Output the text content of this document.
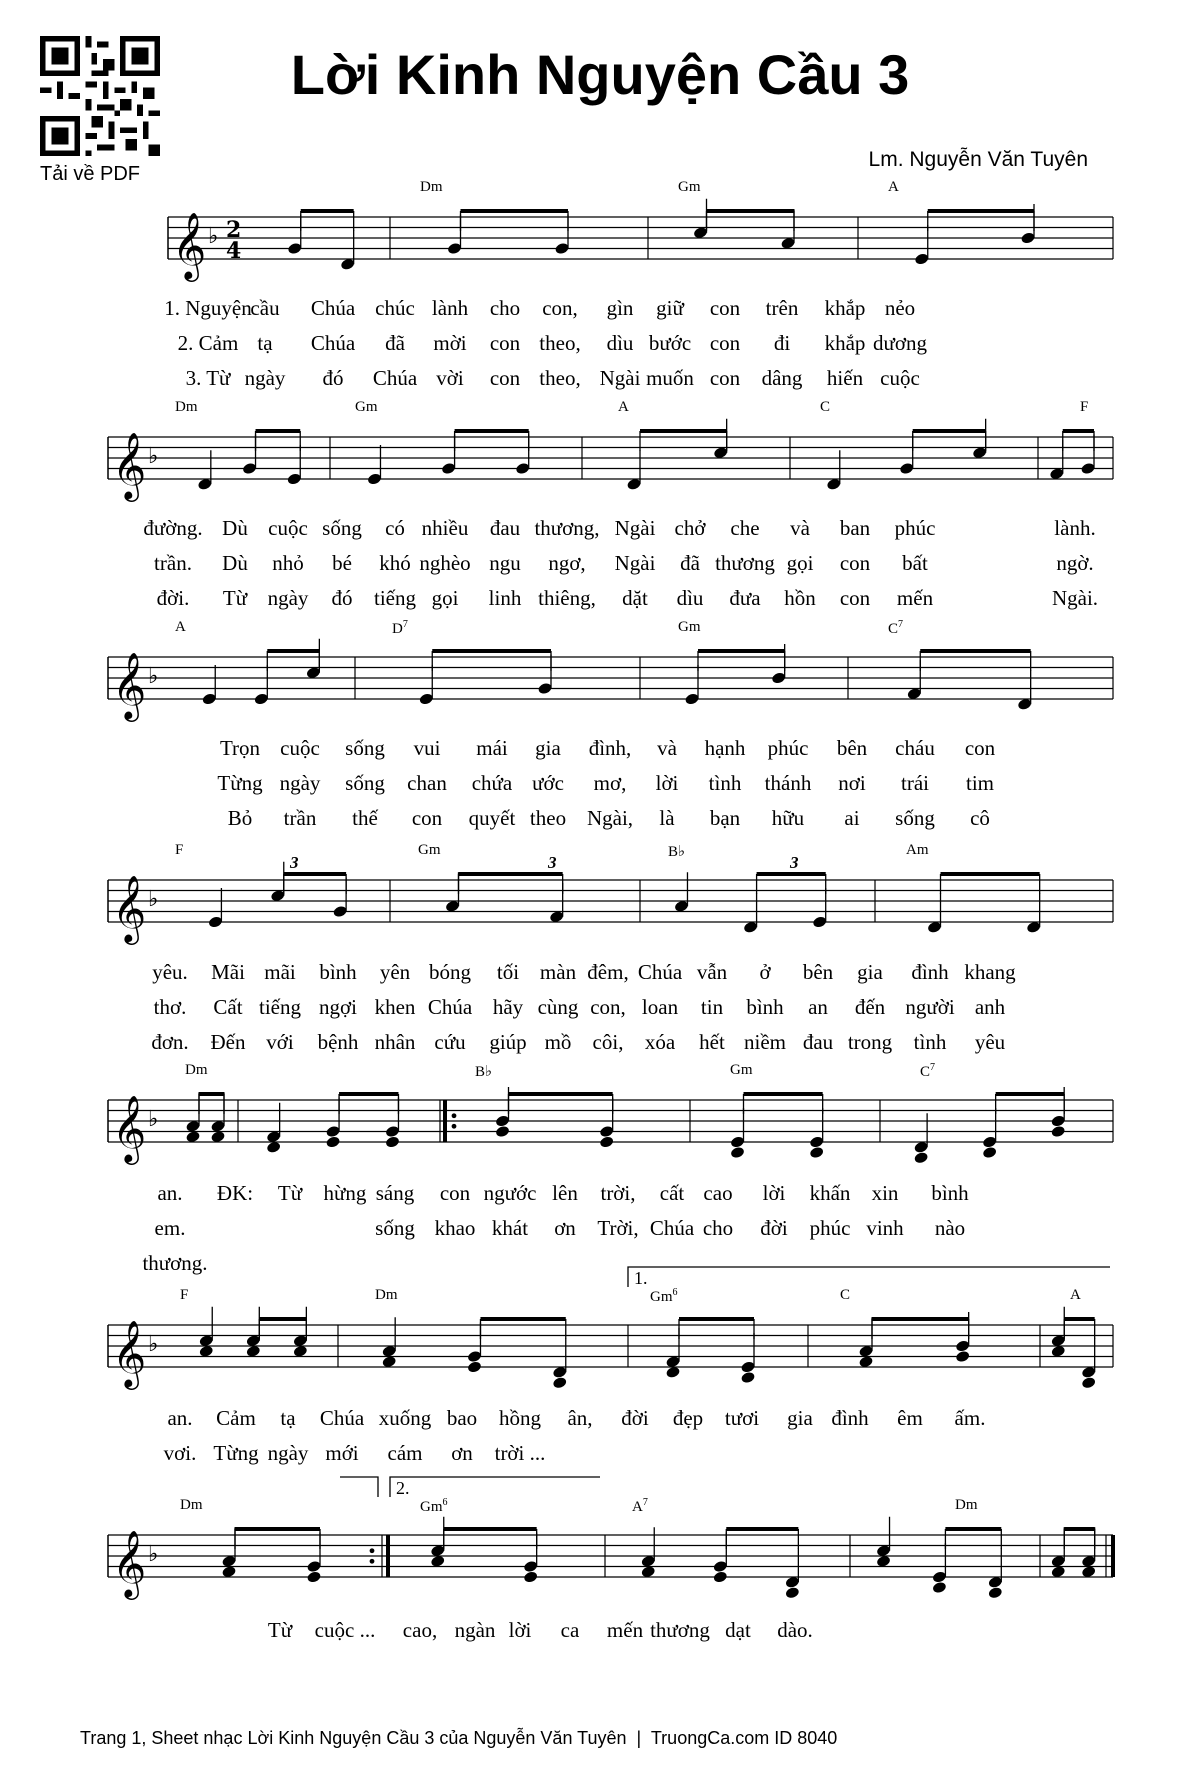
Lời Kinh Nguyện Cầu 3
Lm. Nguyễn Văn Tuyên
Tải về PDF
𝄞 ♭ 2
4
𝄞 ♭
𝄞 ♭
𝄞 ♭
3	3	3
𝄞 ♭
𝄞 ♭
1.
𝄞 ♭
2.
1. Nguyện
cầu Chúa chúc lành cho con, gìn giữ con trên khắp nẻo
2. Cảm tạ Chúa đã mời con theo, dìu bước con đi khắp dương
3. Từ ngày đó Chúa vời con theo, Ngài muốn con dâng hiến cuộc
đường. Dù cuộc sống có nhiều đau thương, Ngài chở che và ban phúc	lành.
trần. Dù nhỏ bé khó nghèo ngu ngơ, Ngài đã thương gọi con bất	ngờ.
đời. Từ ngày đó tiếng gọi linh thiêng, dặt dìu đưa hồn con mến	Ngài.
Trọn cuộc sống vui mái gia đình, và hạnh phúc bên cháu con
Từng ngày sống chan chứa ước mơ, lời tình thánh nơi trái tim
Bỏ trần thế con quyết theo Ngài, là bạn hữu ai sống cô
yêu. Mãi mãi bình yên bóng tối màn đêm, Chúa vẫn ở bên gia đình khang
thơ. Cất tiếng ngợi khen Chúa hãy cùng con, loan tin bình an đến người anh
đơn. Đến với bệnh nhân cứu giúp mồ côi, xóa hết niềm đau trong tình yêu
an. ĐK: Từ hừng sáng con ngước lên trời, cất cao lời khấn xin bình
em.	sống khao khát ơn Trời, Chúa cho đời phúc vinh nào
thương.
an. Cảm tạ Chúa xuống bao hồng ân, đời đẹp tươi gia đình êm ấm.
vơi. Từng ngày mới cám ơn trời ...
Từ cuộc ... cao, ngàn lời ca mến thương dạt dào.
Trang 1, Sheet nhạc Lời Kinh Nguyện Cầu 3 của Nguyễn Văn Tuyên  |  TruongCa.com ID 8040
Dm	Gm	A
Dm	Gm	A	C	F
A	$D^7$	Gm	$C^7$
F	Gm	B♭	Am
Dm	B♭	Gm	$C^7$
F	Dm	Gm$^6$	C	A
Dm	Gm$^6$	$A^7$	Dm
